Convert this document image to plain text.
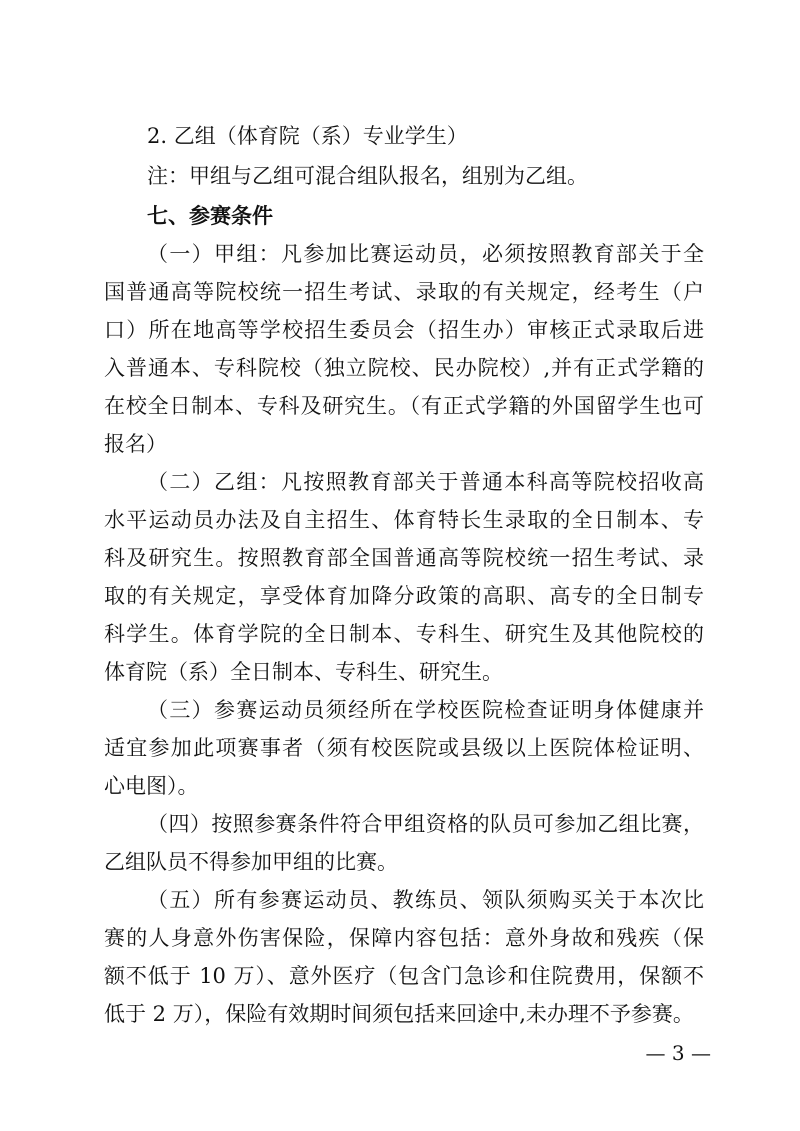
2. 乙组（体育院（系）专业学生）
注：甲组与乙组可混合组队报名，组别为乙组。
七、参赛条件
（一）甲组：凡参加比赛运动员，必须按照教育部关于全
国普通高等院校统一招生考试、录取的有关规定，经考生（户
口）所在地高等学校招生委员会（招生办）审核正式录取后进
入普通本、专科院校（独立院校、民办院校）,并有正式学籍的
在校全日制本、专科及研究生。（有正式学籍的外国留学生也可
报名）
（二）乙组：凡按照教育部关于普通本科高等院校招收高
水平运动员办法及自主招生、体育特长生录取的全日制本、专
科及研究生。按照教育部全国普通高等院校统一招生考试、录
取的有关规定，享受体育加降分政策的高职、高专的全日制专
科学生。体育学院的全日制本、专科生、研究生及其他院校的
体育院（系）全日制本、专科生、研究生。
（三）参赛运动员须经所在学校医院检查证明身体健康并
适宜参加此项赛事者（须有校医院或县级以上医院体检证明、
心电图）。
（四）按照参赛条件符合甲组资格的队员可参加乙组比赛，
乙组队员不得参加甲组的比赛。
（五）所有参赛运动员、教练员、领队须购买关于本次比
赛的人身意外伤害保险，保障内容包括：意外身故和残疾（保
额不低于 10 万）、意外医疗（包含门急诊和住院费用，保额不
低于 2 万），保险有效期时间须包括来回途中,未办理不予参赛。
— 3 —
